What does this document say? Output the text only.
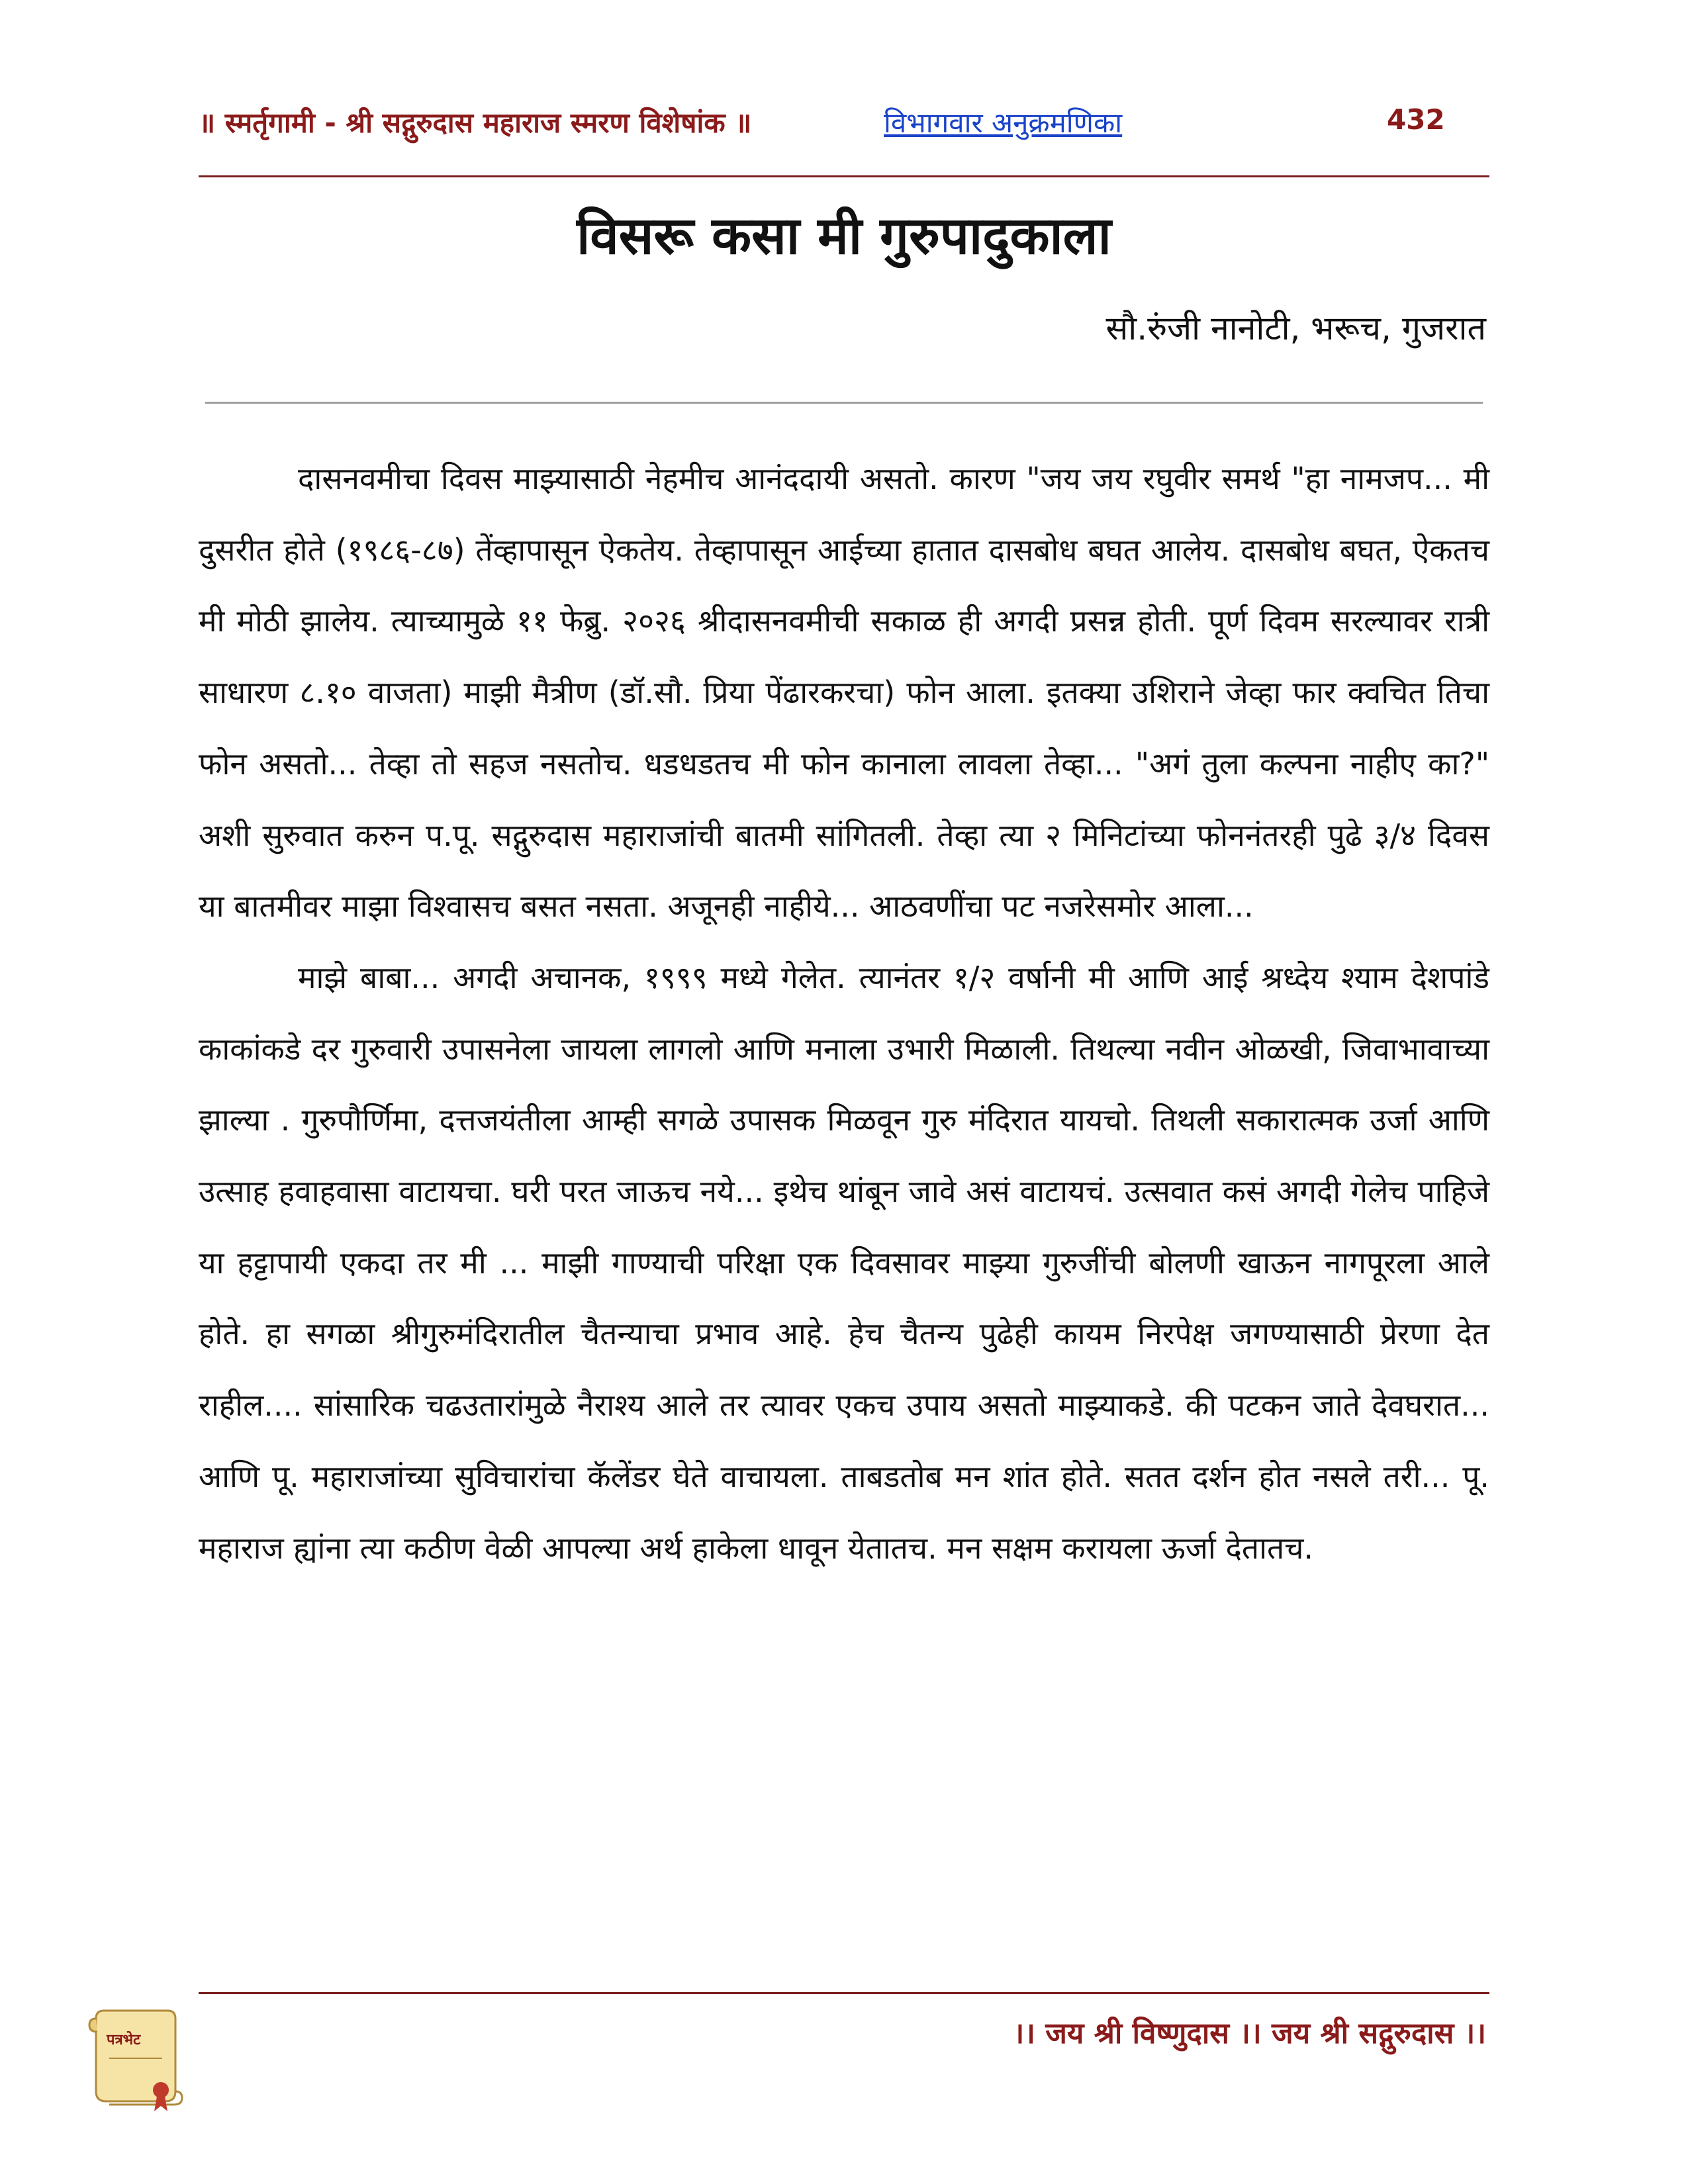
॥ स्मर्तृगामी - श्री सद्गुरुदास महाराज स्मरण विशेषांक ॥	विभागवार अनुक्रमणिका	432
विसरू कसा मी गुरुपादुकाला
सौ.रुंजी नानोटी, भरूच, गुजरात

दासनवमीचा दिवस माझ्यासाठी नेहमीच आनंददायी असतो. कारण "जय जय रघुवीर समर्थ "हा नामजप... मी दुसरीत होते (१९८६-८७) तेंव्हापासून ऐकतेय. तेव्हापासून आईच्या हातात दासबोध बघत आलेय. दासबोध बघत, ऐकतच मी मोठी झालेय. त्याच्यामुळे ११ फेब्रु. २०२६ श्रीदासनवमीची सकाळ ही अगदी प्रसन्न होती. पूर्ण दिवम सरल्यावर रात्री साधारण ८.१० वाजता) माझी मैत्रीण (डॉ.सौ. प्रिया पेंढारकरचा) फोन आला. इतक्या उशिराने जेव्हा फार क्वचित तिचा फोन असतो... तेव्हा तो सहज नसतोच. धडधडतच मी फोन कानाला लावला तेव्हा... "अगं तुला कल्पना नाहीए का?" अशी सुरुवात करुन प.पू. सद्गुरुदास महाराजांची बातमी सांगितली. तेव्हा त्या २ मिनिटांच्या फोननंतरही पुढे ३/४ दिवस या बातमीवर माझा विश्वासच बसत नसता. अजूनही नाहीये... आठवणींचा पट नजरेसमोर आला...

माझे बाबा... अगदी अचानक, १९९९ मध्ये गेलेत. त्यानंतर १/२ वर्षानी मी आणि आई श्रध्देय श्याम देशपांडे काकांकडे दर गुरुवारी उपासनेला जायला लागलो आणि मनाला उभारी मिळाली. तिथल्या नवीन ओळखी, जिवाभावाच्या झाल्या . गुरुपौर्णिमा, दत्तजयंतीला आम्ही सगळे उपासक मिळवून गुरु मंदिरात यायचो. तिथली सकारात्मक उर्जा आणि उत्साह हवाहवासा वाटायचा. घरी परत जाऊच नये... इथेच थांबून जावे असं वाटायचं. उत्सवात कसं अगदी गेलेच पाहिजे या हट्टापायी एकदा तर मी ... माझी गाण्याची परिक्षा एक दिवसावर माझ्या गुरुजींची बोलणी खाऊन नागपूरला आले होते. हा सगळा श्रीगुरुमंदिरातील चैतन्याचा प्रभाव आहे. हेच चैतन्य पुढेही कायम निरपेक्ष जगण्यासाठी प्रेरणा देत राहील.... सांसारिक चढउतारांमुळे नैराश्य आले तर त्यावर एकच उपाय असतो माझ्याकडे. की पटकन जाते देवघरात... आणि पू. महाराजांच्या सुविचारांचा कॅलेंडर घेते वाचायला. ताबडतोब मन शांत होते. सतत दर्शन होत नसले तरी... पू. महाराज ह्यांना त्या कठीण वेळी आपल्या अर्थ हाकेला धावून येतातच. मन सक्षम करायला ऊर्जा देतातच.

पत्रभेट	।। जय श्री विष्णुदास ।। जय श्री सद्गुरुदास ।।
